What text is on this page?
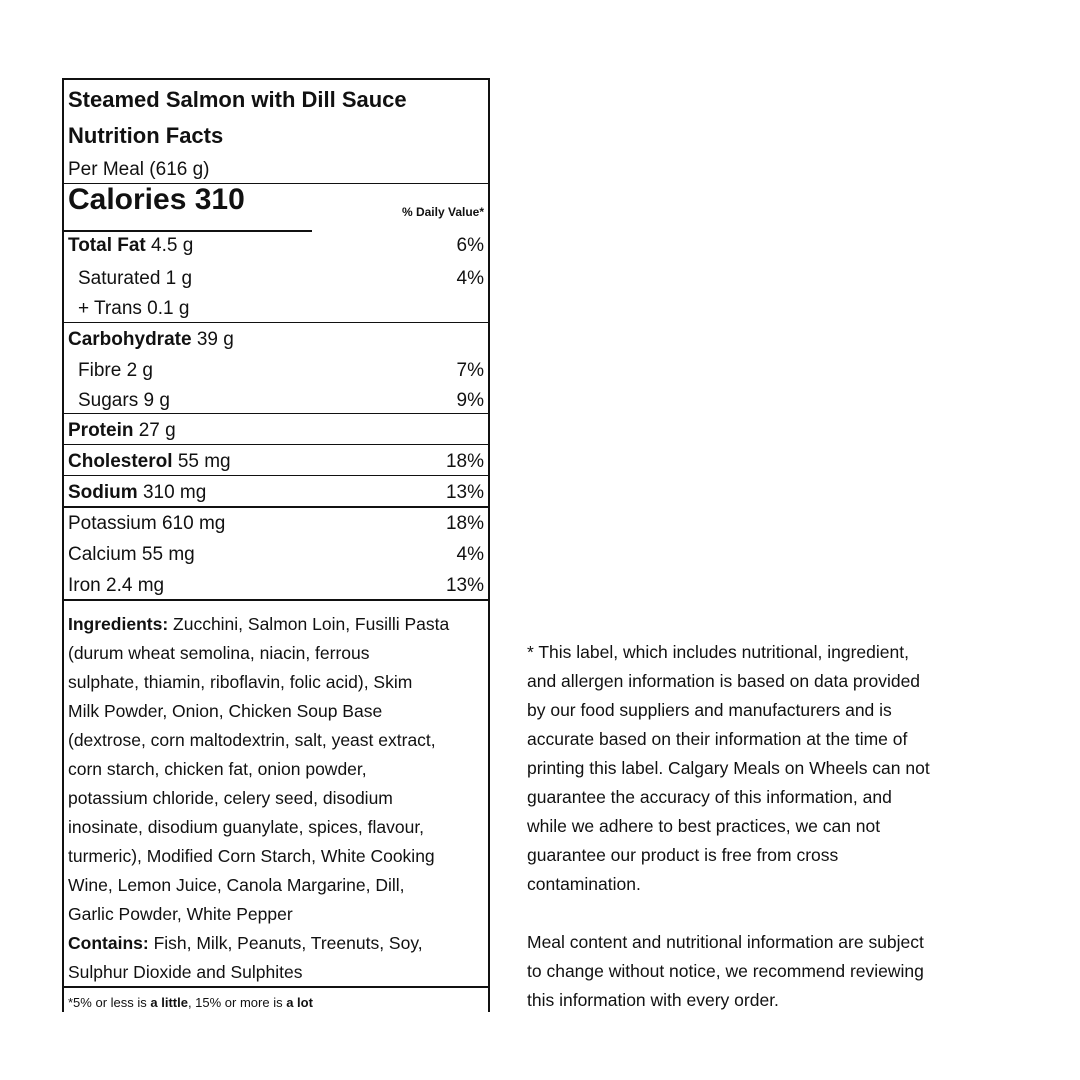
Steamed Salmon with Dill Sauce
Nutrition Facts
Per Meal (616 g)
Calories 310	% Daily Value*
Total Fat 4.5 g	6%
Saturated 1 g	4%
+ Trans 0.1 g
Carbohydrate 39 g
Fibre 2 g	7%
Sugars 9 g	9%
Protein 27 g
Cholesterol 55 mg	18%
Sodium 310 mg	13%
Potassium 610 mg	18%
Calcium 55 mg	4%
Iron 2.4 mg	13%
Ingredients: Zucchini, Salmon Loin, Fusilli Pasta
(durum wheat semolina, niacin, ferrous
sulphate, thiamin, riboflavin, folic acid), Skim
Milk Powder, Onion, Chicken Soup Base
(dextrose, corn maltodextrin, salt, yeast extract,
corn starch, chicken fat, onion powder,
potassium chloride, celery seed, disodium
inosinate, disodium guanylate, spices, flavour,
turmeric), Modified Corn Starch, White Cooking
Wine, Lemon Juice, Canola Margarine, Dill,
Garlic Powder, White Pepper
Contains: Fish, Milk, Peanuts, Treenuts, Soy,
Sulphur Dioxide and Sulphites
*5% or less is a little, 15% or more is a lot
* This label, which includes nutritional, ingredient,
and allergen information is based on data provided
by our food suppliers and manufacturers and is
accurate based on their information at the time of
printing this label. Calgary Meals on Wheels can not
guarantee the accuracy of this information, and
while we adhere to best practices, we can not
guarantee our product is free from cross
contamination.
Meal content and nutritional information are subject
to change without notice, we recommend reviewing
this information with every order.
